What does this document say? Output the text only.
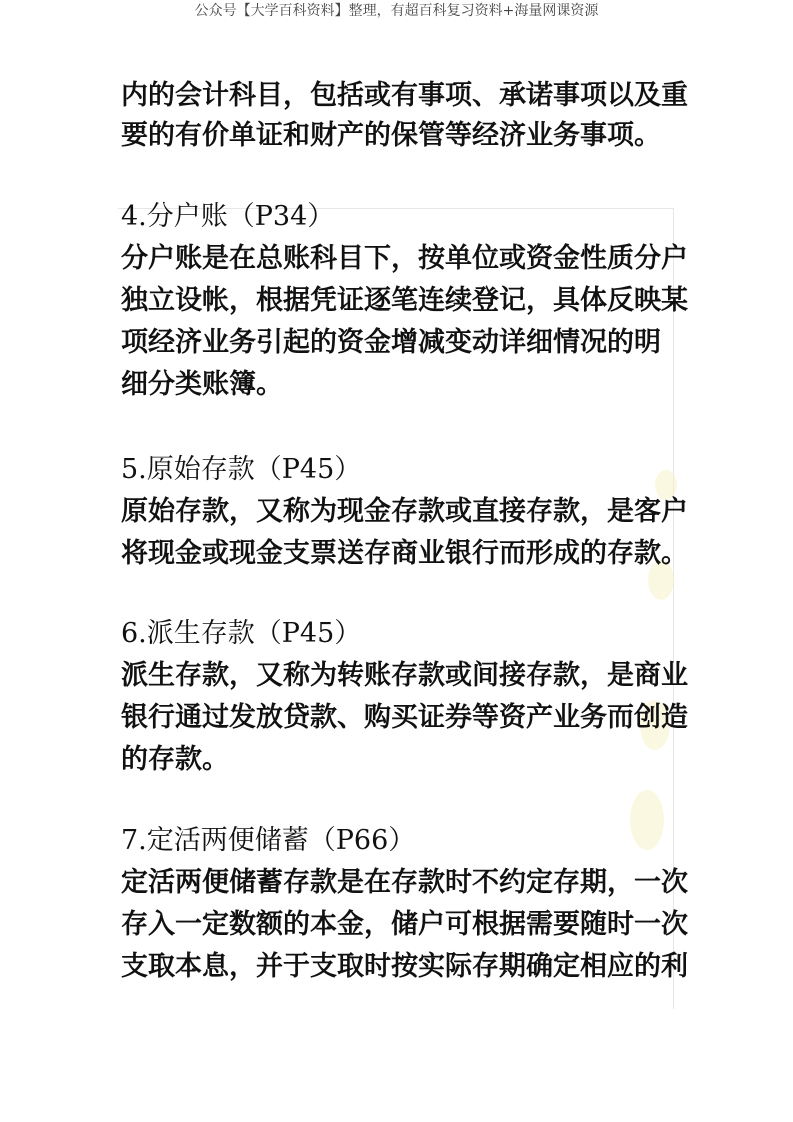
公众号【大学百科资料】整理，有超百科复习资料+海量网课资源
内的会计科目，包括或有事项、承诺事项以及重
要的有价单证和财产的保管等经济业务事项。
4.分户账（P34）
分户账是在总账科目下，按单位或资金性质分户
独立设帐，根据凭证逐笔连续登记，具体反映某
项经济业务引起的资金增减变动详细情况的明
细分类账簿。
5.原始存款（P45）
原始存款，又称为现金存款或直接存款，是客户
将现金或现金支票送存商业银行而形成的存款。
6.派生存款（P45）
派生存款，又称为转账存款或间接存款，是商业
银行通过发放贷款、购买证券等资产业务而创造
的存款。
7.定活两便储蓄（P66）
定活两便储蓄存款是在存款时不约定存期，一次
存入一定数额的本金，储户可根据需要随时一次
支取本息，并于支取时按实际存期确定相应的利
